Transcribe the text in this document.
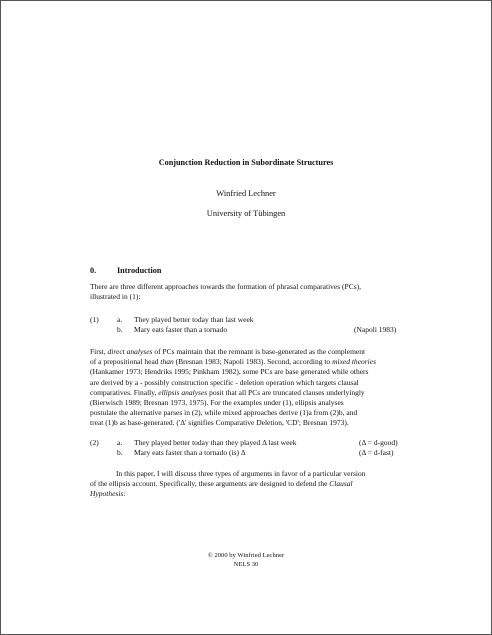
Conjunction Reduction in Subordinate Structures
Winfried Lechner
University of Tübingen
0.	Introduction
There are three different approaches towards the formation of phrasal comparatives (PCs),
illustrated in (1):
(1) a. They played better today than last week
b. Mary eats faster than a tornado	(Napoli 1983)
First, direct analyses of PCs maintain that the remnant is base-generated as the complement
of a prepositional head than (Bresnan 1983; Napoli 1983). Second, according to mixed theories
(Hankamer 1973; Hendriks 1995; Pinkham 1982), some PCs are base generated while others
are derived by a - possibly construction specific - deletion operation which targets clausal
comparatives. Finally, ellipsis analyses posit that all PCs are truncated clauses underlyingly
(Bierwisch 1989; Bresnan 1973, 1975). For the examples under (1), ellipsis analyses
postulate the alternative parses in (2), while mixed approaches derive (1)a from (2)b, and
treat (1)b as base-generated. ('Δ' signifies Comparative Deletion, 'CD'; Bresnan 1973).
(2) a. They played better today than they played Δ last week	(Δ = d-good)
b. Mary eats faster than a tornado (is) Δ	(Δ = d-fast)
In this paper, I will discuss three types of arguments in favor of a particular version
of the ellipsis account. Specifically, these arguments are designed to defend the Clausal
Hypothesis:
© 2000 by Winfried Lechner
NELS 30
